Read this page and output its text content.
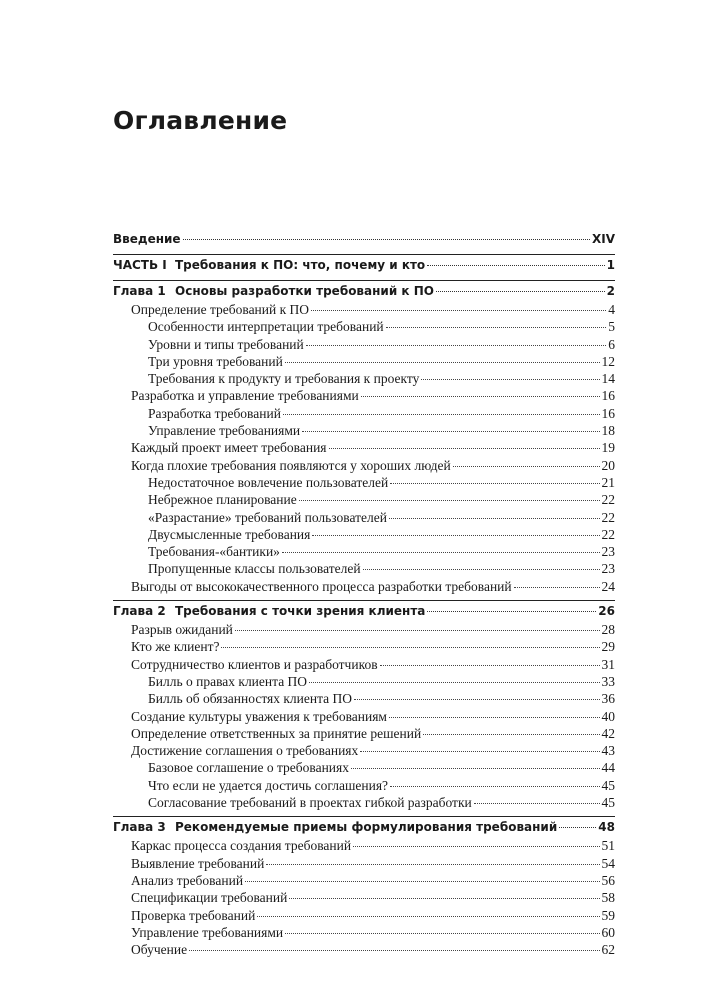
Оглавление
Введение	XIV
ЧАСТЬ I Требования к ПО: что, почему и кто	1
Глава 1 Основы разработки требований к ПО	2
Определение требований к ПО	4
Особенности интерпретации требований	5
Уровни и типы требований	6
Три уровня требований	12
Требования к продукту и требования к проекту	14
Разработка и управление требованиями	16
Разработка требований	16
Управление требованиями	18
Каждый проект имеет требования	19
Когда плохие требования появляются у хороших людей	20
Недостаточное вовлечение пользователей	21
Небрежное планирование	22
«Разрастание» требований пользователей	22
Двусмысленные требования	22
Требования-«бантики»	23
Пропущенные классы пользователей	23
Выгоды от высококачественного процесса разработки требований	24
Глава 2 Требования с точки зрения клиента	26
Разрыв ожиданий	28
Кто же клиент?	29
Сотрудничество клиентов и разработчиков	31
Билль о правах клиента ПО	33
Билль об обязанностях клиента ПО	36
Создание культуры уважения к требованиям	40
Определение ответственных за принятие решений	42
Достижение соглашения о требованиях	43
Базовое соглашение о требованиях	44
Что если не удается достичь соглашения?	45
Согласование требований в проектах гибкой разработки	45
Глава 3 Рекомендуемые приемы формулирования требований	48
Каркас процесса создания требований	51
Выявление требований	54
Анализ требований	56
Спецификации требований	58
Проверка требований	59
Управление требованиями	60
Обучение	62
